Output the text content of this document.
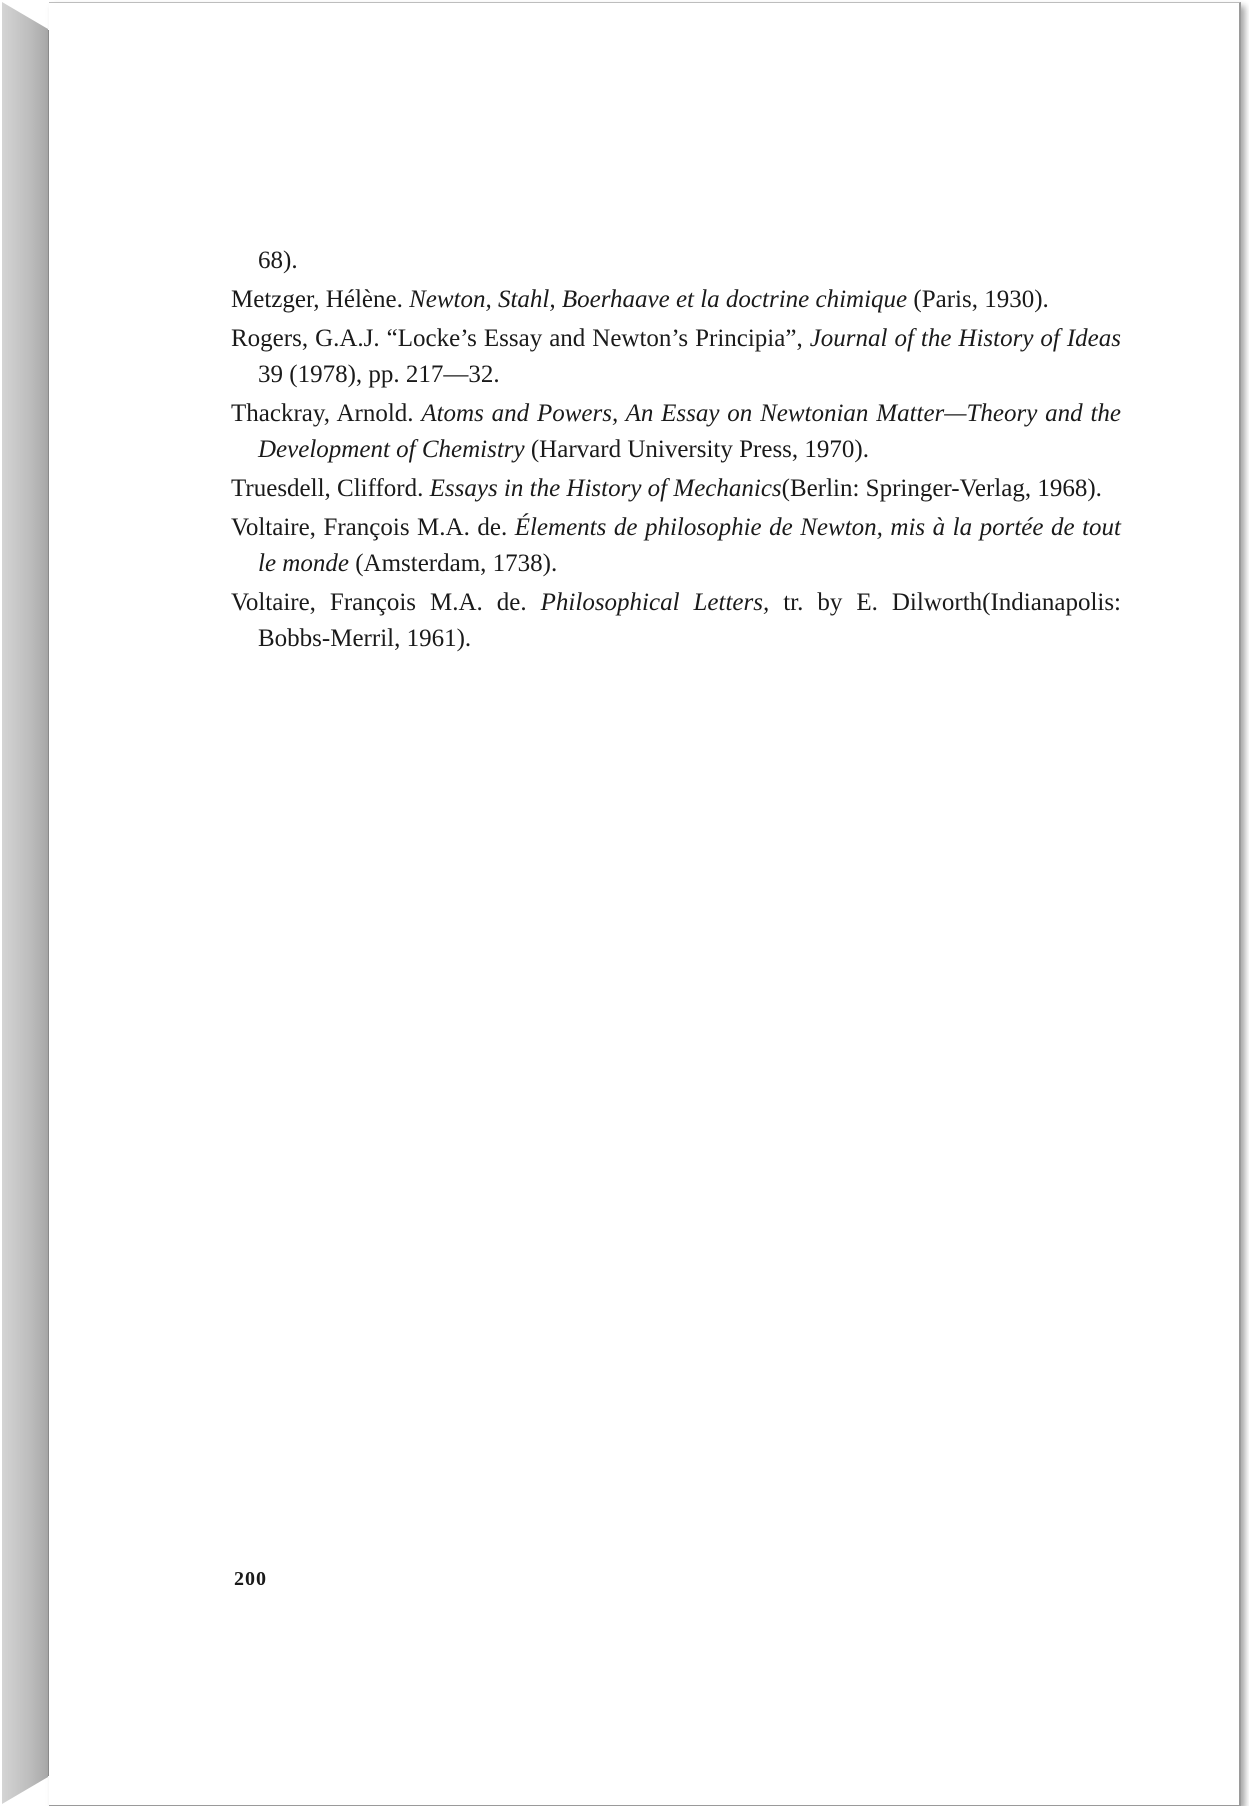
68).

Metzger, Hélène. Newton, Stahl, Boerhaave et la doctrine chimique (Paris, 1930).

Rogers, G.A.J. “Locke’s Essay and Newton’s Principia”, Journal of the History of Ideas 39 (1978), pp. 217—32.

Thackray, Arnold. Atoms and Powers, An Essay on Newtonian Matter—Theory and the Development of Chemistry (Harvard University Press, 1970).

Truesdell, Clifford. Essays in the History of Mechanics(Berlin: Springer-Verlag, 1968).

Voltaire, François M.A. de. Élements de philosophie de Newton, mis à la portée de tout le monde (Amsterdam, 1738).

Voltaire, François M.A. de. Philosophical Letters, tr. by E. Dilworth(Indianapolis: Bobbs-Merril, 1961).

200
